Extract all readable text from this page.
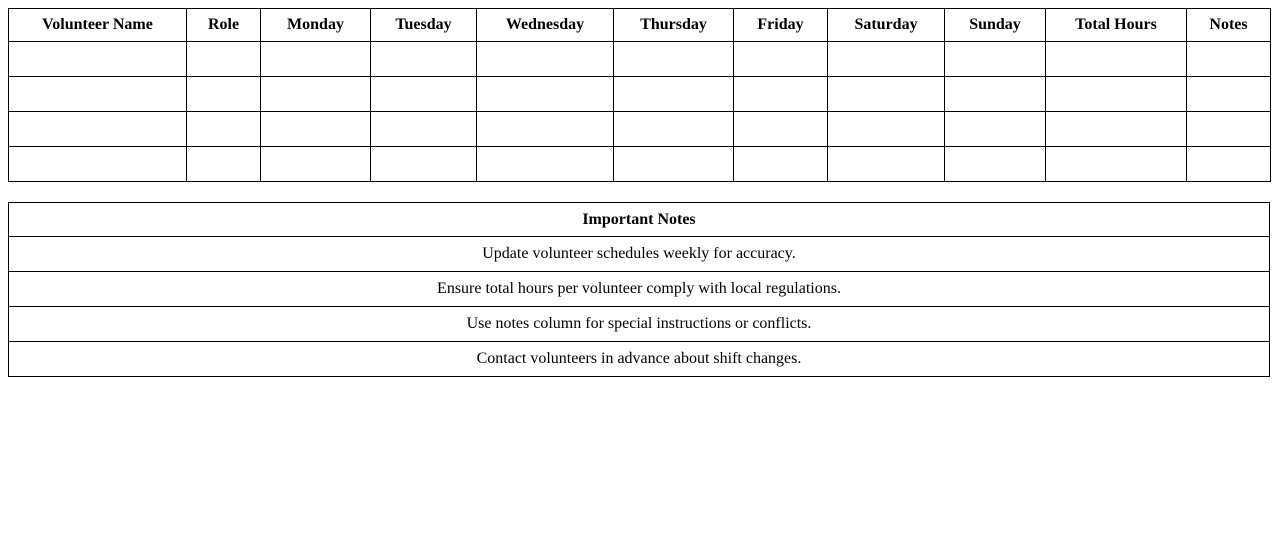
Volunteer Name	Role	Monday	Tuesday	Wednesday	Thursday	Friday	Saturday	Sunday	Total Hours	Notes

Important Notes
Update volunteer schedules weekly for accuracy.
Ensure total hours per volunteer comply with local regulations.
Use notes column for special instructions or conflicts.
Contact volunteers in advance about shift changes.
